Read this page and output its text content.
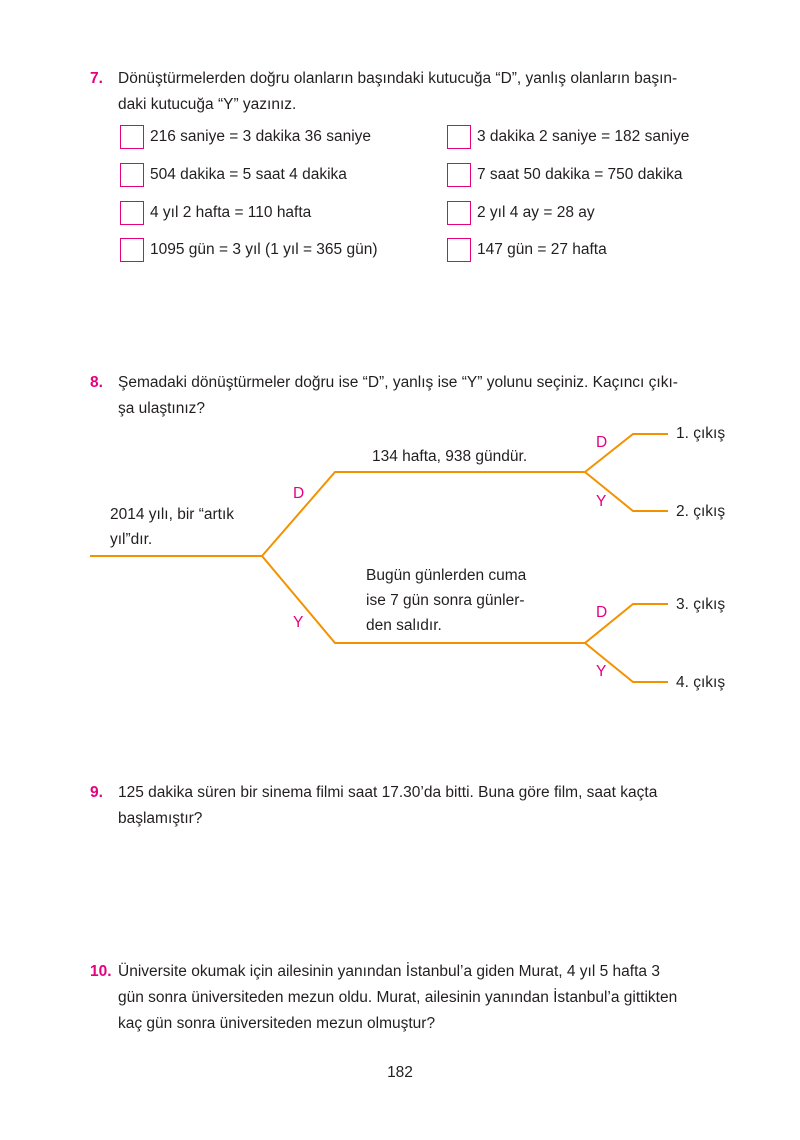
7. Dönüştürmelerden doğru olanların başındaki kutucuğa “D”, yanlış olanların başın-
daki kutucuğa “Y” yazınız.
216 saniye = 3 dakika 36 saniye	3 dakika 2 saniye = 182 saniye
504 dakika = 5 saat 4 dakika	7 saat 50 dakika = 750 dakika
4 yıl 2 hafta = 110 hafta	2 yıl 4 ay = 28 ay
1095 gün = 3 yıl (1 yıl = 365 gün)	147 gün = 27 hafta
8. Şemadaki dönüştürmeler doğru ise “D”, yanlış ise “Y” yolunu seçiniz. Kaçıncı çıkı-
şa ulaştınız?
2014 yılı, bir “artık
yıl”dır.
134 hafta, 938 gündür.
Bugün günlerden cuma
ise 7 gün sonra günler-
den salıdır.
D
Y
D
Y
D
Y
1. çıkış
2. çıkış
3. çıkış
4. çıkış
9. 125 dakika süren bir sinema filmi saat 17.30’da bitti. Buna göre film, saat kaçta
başlamıştır?
10. Üniversite okumak için ailesinin yanından İstanbul’a giden Murat, 4 yıl 5 hafta 3
gün sonra üniversiteden mezun oldu. Murat, ailesinin yanından İstanbul’a gittikten
kaç gün sonra üniversiteden mezun olmuştur?
182
